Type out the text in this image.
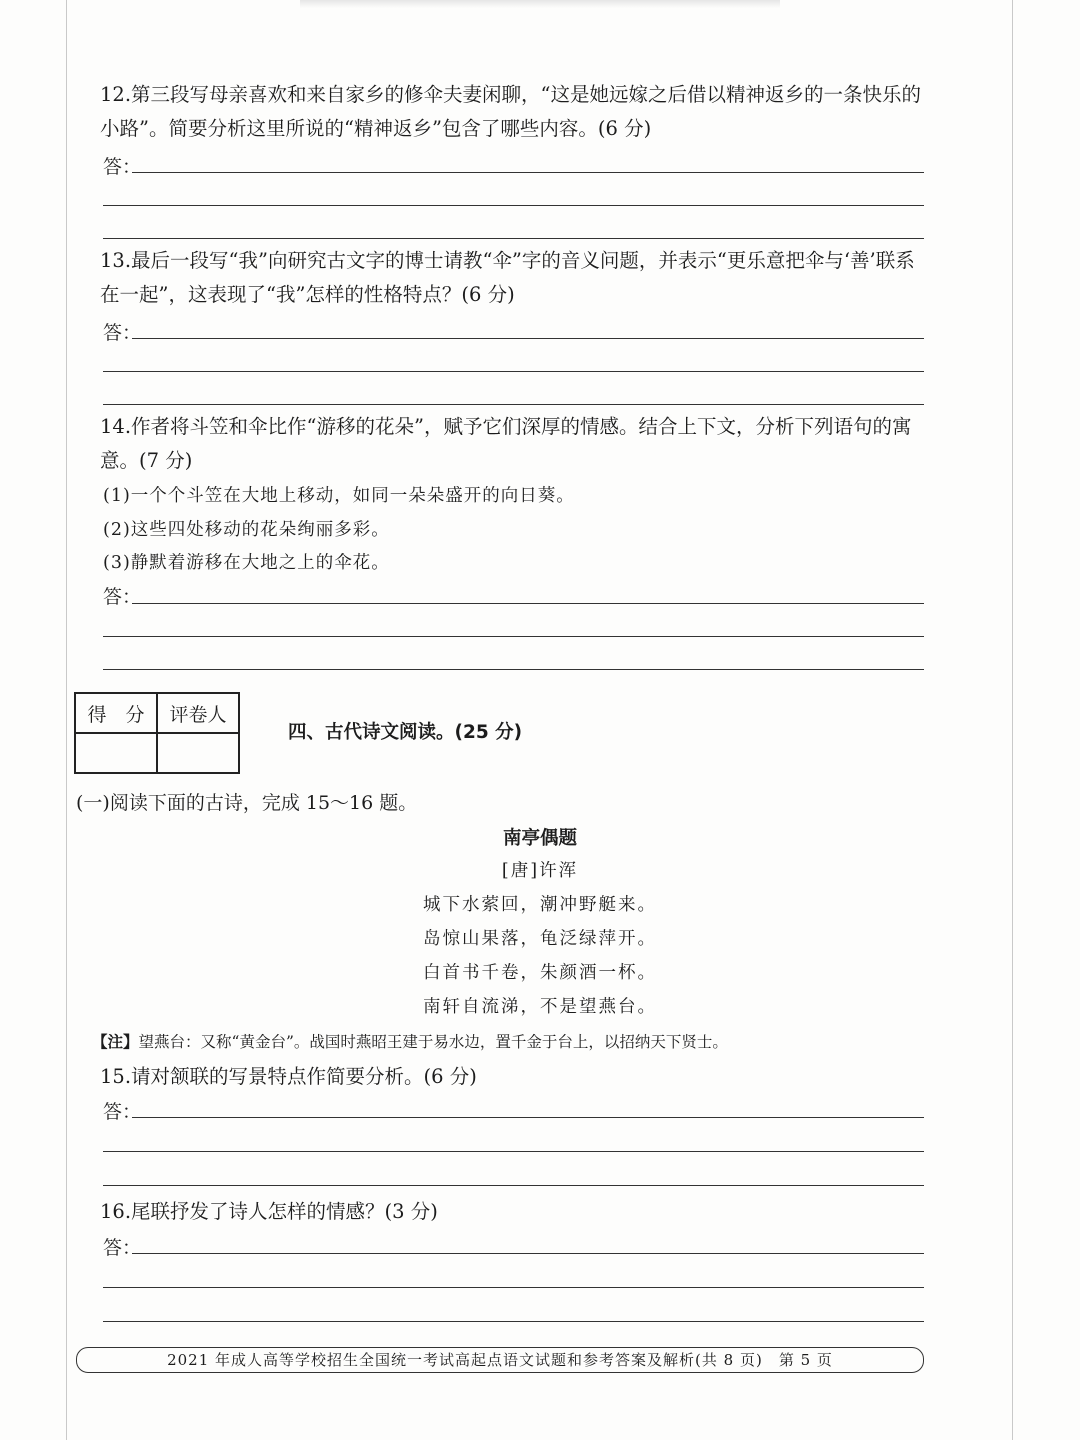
12.第三段写母亲喜欢和来自家乡的修伞夫妻闲聊，“这是她远嫁之后借以精神返乡的一条快乐的
小路”。简要分析这里所说的“精神返乡”包含了哪些内容。(6 分)
答：
13.最后一段写“我”向研究古文字的博士请教“伞”字的音义问题，并表示“更乐意把伞与‘善’联系
在一起”，这表现了“我”怎样的性格特点？(6 分)
答：
14.作者将斗笠和伞比作“游移的花朵”，赋予它们深厚的情感。结合上下文，分析下列语句的寓
意。(7 分)
(1)一个个斗笠在大地上移动，如同一朵朵盛开的向日葵。
(2)这些四处移动的花朵绚丽多彩。
(3)静默着游移在大地之上的伞花。
答：
得　分	评卷人

四、古代诗文阅读。(25 分)
(一)阅读下面的古诗，完成 15～16 题。
南亭偶题
[唐]许浑
城下水萦回，潮冲野艇来。
岛惊山果落，龟泛绿萍开。
白首书千卷，朱颜酒一杯。
南轩自流涕，不是望燕台。
【注】望燕台：又称“黄金台”。战国时燕昭王建于易水边，置千金于台上，以招纳天下贤士。
15.请对颔联的写景特点作简要分析。(6 分)
答：
16.尾联抒发了诗人怎样的情感？(3 分)
答：
2021 年成人高等学校招生全国统一考试高起点语文试题和参考答案及解析(共 8 页)　第 5 页
